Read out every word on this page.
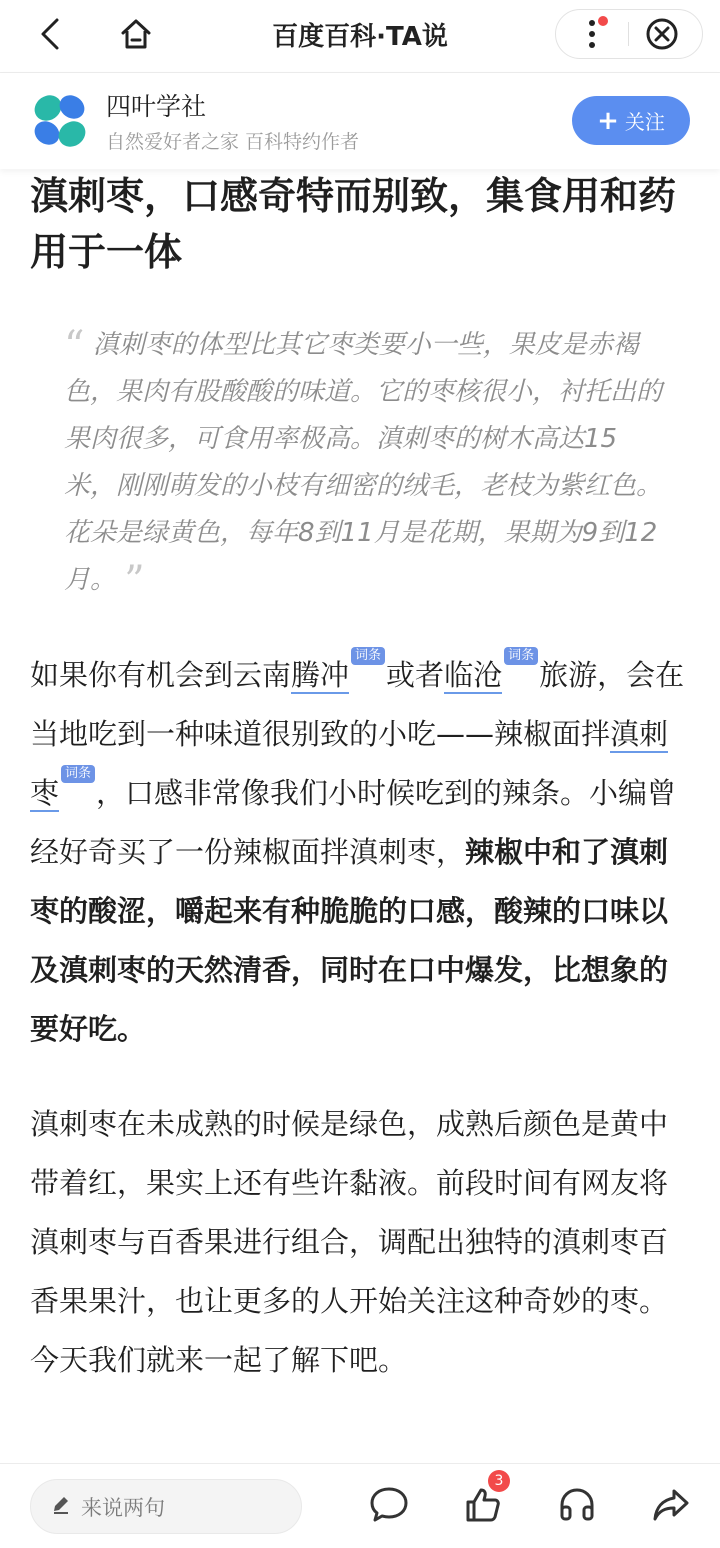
百度百科·TA说
四叶学社
自然爱好者之家 百科特约作者
+ 关注
滇刺枣，口感奇特而别致，集食用和药用于一体
“ 滇刺枣的体型比其它枣类要小一些，果皮是赤褐色，果肉有股酸酸的味道。它的枣核很小，衬托出的果肉很多，可食用率极高。滇刺枣的树木高达15米，刚刚萌发的小枝有细密的绒毛，老枝为紫红色。花朵是绿黄色，每年8到11月是花期，果期为9到12月。 ”

如果你有机会到云南腾冲词条或者临沧词条旅游，会在当地吃到一种味道很别致的小吃——辣椒面拌滇刺枣词条，口感非常像我们小时候吃到的辣条。小编曾经好奇买了一份辣椒面拌滇刺枣，辣椒中和了滇刺枣的酸涩，嚼起来有种脆脆的口感，酸辣的口味以及滇刺枣的天然清香，同时在口中爆发，比想象的要好吃。

滇刺枣在未成熟的时候是绿色，成熟后颜色是黄中带着红，果实上还有些许黏液。前段时间有网友将滇刺枣与百香果进行组合，调配出独特的滇刺枣百香果果汁，也让更多的人开始关注这种奇妙的枣。今天我们就来一起了解下吧。

来说两句
3
